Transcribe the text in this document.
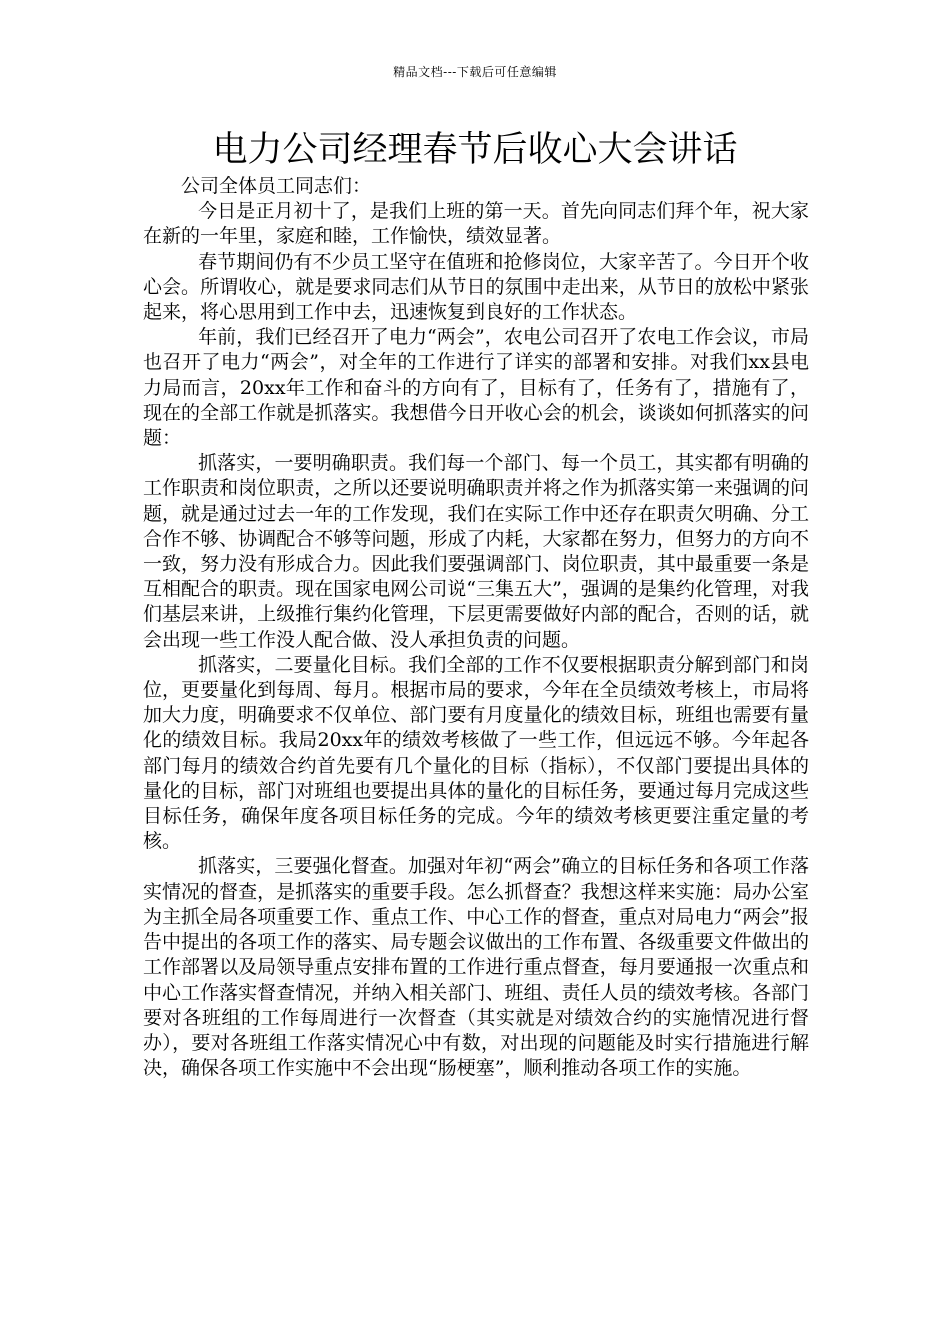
精品文档---下载后可任意编辑
电力公司经理春节后收心大会讲话

公司全体员工同志们：

今日是正月初十了，是我们上班的第一天。首先向同志们拜个年，祝大家在新的一年里，家庭和睦，工作愉快，绩效显著。

春节期间仍有不少员工坚守在值班和抢修岗位，大家辛苦了。今日开个收心会。所谓收心，就是要求同志们从节日的氛围中走出来，从节日的放松中紧张起来，将心思用到工作中去，迅速恢复到良好的工作状态。

年前，我们已经召开了电力“两会”，农电公司召开了农电工作会议，市局也召开了电力“两会”，对全年的工作进行了详实的部署和安排。对我们xx县电力局而言，20xx年工作和奋斗的方向有了，目标有了，任务有了，措施有了，现在的全部工作就是抓落实。我想借今日开收心会的机会，谈谈如何抓落实的问题：

抓落实，一要明确职责。我们每一个部门、每一个员工，其实都有明确的工作职责和岗位职责，之所以还要说明确职责并将之作为抓落实第一来强调的问题，就是通过过去一年的工作发现，我们在实际工作中还存在职责欠明确、分工合作不够、协调配合不够等问题，形成了内耗，大家都在努力，但努力的方向不一致，努力没有形成合力。因此我们要强调部门、岗位职责，其中最重要一条是互相配合的职责。现在国家电网公司说“三集五大”，强调的是集约化管理，对我们基层来讲，上级推行集约化管理，下层更需要做好内部的配合，否则的话，就会出现一些工作没人配合做、没人承担负责的问题。

抓落实，二要量化目标。我们全部的工作不仅要根据职责分解到部门和岗位，更要量化到每周、每月。根据市局的要求，今年在全员绩效考核上，市局将加大力度，明确要求不仅单位、部门要有月度量化的绩效目标，班组也需要有量化的绩效目标。我局20xx年的绩效考核做了一些工作，但远远不够。今年起各部门每月的绩效合约首先要有几个量化的目标（指标），不仅部门要提出具体的量化的目标，部门对班组也要提出具体的量化的目标任务，要通过每月完成这些目标任务，确保年度各项目标任务的完成。今年的绩效考核更要注重定量的考核。

抓落实，三要强化督查。加强对年初“两会”确立的目标任务和各项工作落实情况的督查，是抓落实的重要手段。怎么抓督查？我想这样来实施：局办公室为主抓全局各项重要工作、重点工作、中心工作的督查，重点对局电力“两会”报告中提出的各项工作的落实、局专题会议做出的工作布置、各级重要文件做出的工作部署以及局领导重点安排布置的工作进行重点督查，每月要通报一次重点和中心工作落实督查情况，并纳入相关部门、班组、责任人员的绩效考核。各部门要对各班组的工作每周进行一次督查（其实就是对绩效合约的实施情况进行督办），要对各班组工作落实情况心中有数，对出现的问题能及时实行措施进行解决，确保各项工作实施中不会出现“肠梗塞”，顺利推动各项工作的实施。
